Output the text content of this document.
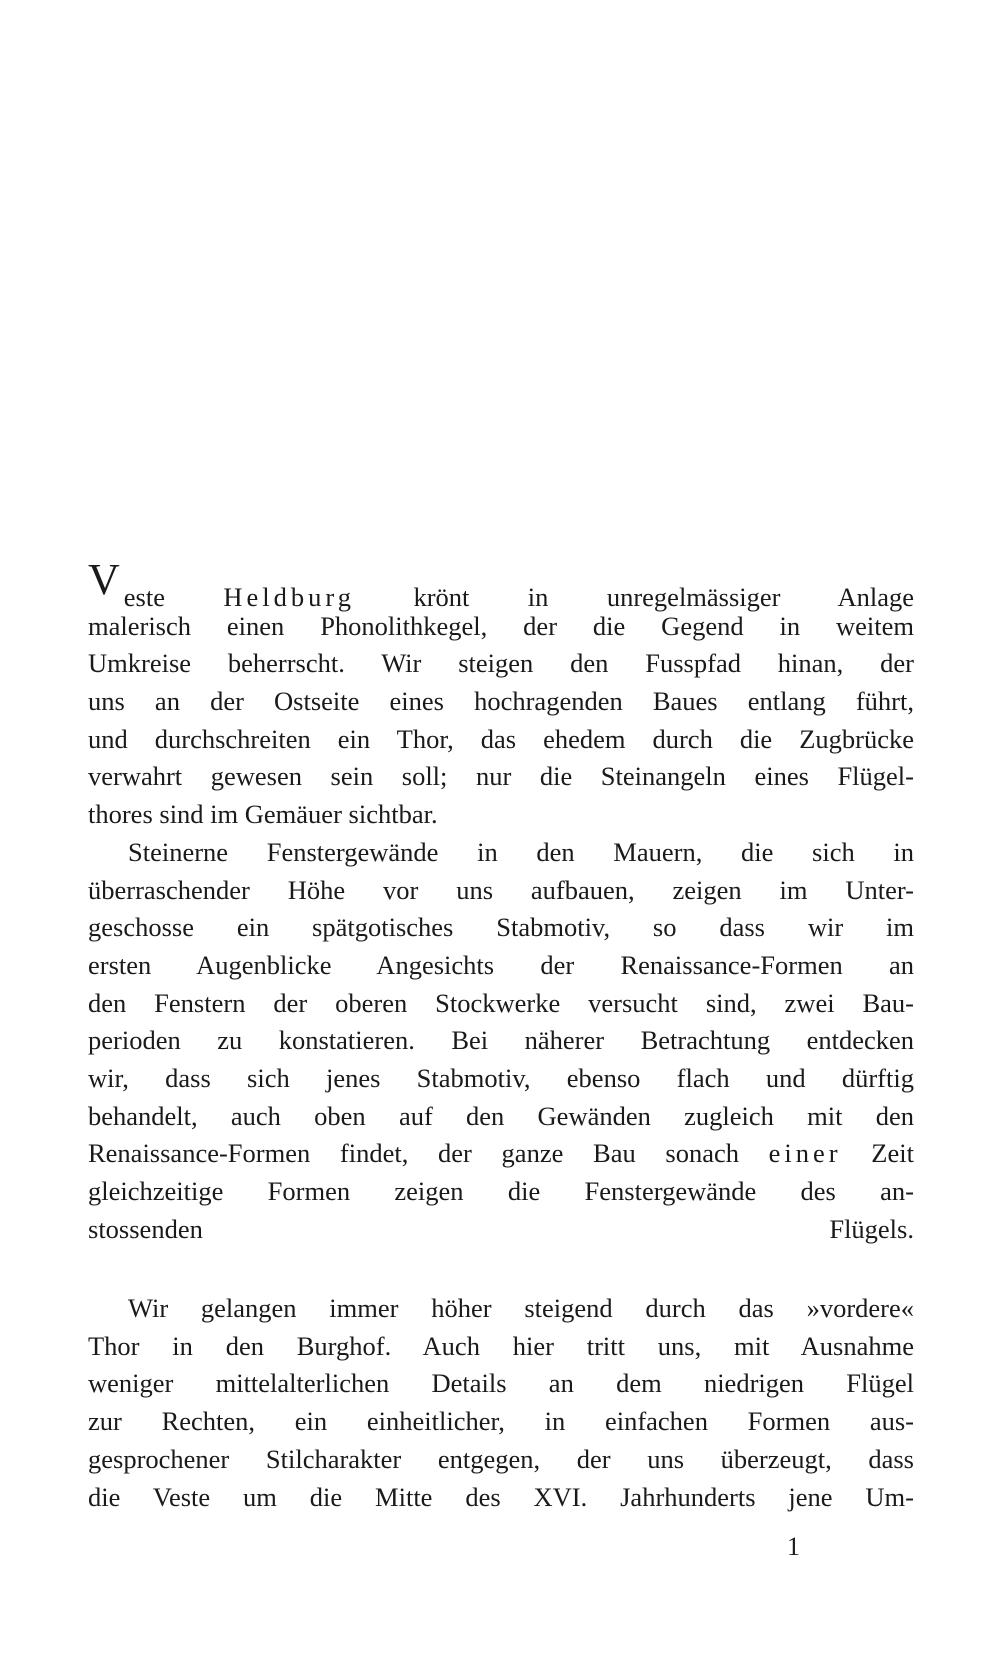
Veste Heldburg krönt in unregelmässiger Anlage
malerisch einen Phonolithkegel, der die Gegend in weitem
Umkreise beherrscht. Wir steigen den Fusspfad hinan, der
uns an der Ostseite eines hochragenden Baues entlang führt,
und durchschreiten ein Thor, das ehedem durch die Zugbrücke
verwahrt gewesen sein soll; nur die Steinangeln eines Flügel-
thores sind im Gemäuer sichtbar.
Steinerne Fenstergewände in den Mauern, die sich in
überraschender Höhe vor uns aufbauen, zeigen im Unter-
geschosse ein spätgotisches Stabmotiv, so dass wir im
ersten Augenblicke Angesichts der Renaissance-Formen an
den Fenstern der oberen Stockwerke versucht sind, zwei Bau-
perioden zu konstatieren. Bei näherer Betrachtung entdecken
wir, dass sich jenes Stabmotiv, ebenso flach und dürftig
behandelt, auch oben auf den Gewänden zugleich mit den
Renaissance-Formen findet, der ganze Bau sonach einer Zeit
gleichzeitige Formen zeigen die Fenstergewände des an-
stossenden Flügels.
Wir gelangen immer höher steigend durch das »vordere«
Thor in den Burghof. Auch hier tritt uns, mit Ausnahme
weniger mittelalterlichen Details an dem niedrigen Flügel
zur Rechten, ein einheitlicher, in einfachen Formen aus-
gesprochener Stilcharakter entgegen, der uns überzeugt, dass
die Veste um die Mitte des XVI. Jahrhunderts jene Um-
1
